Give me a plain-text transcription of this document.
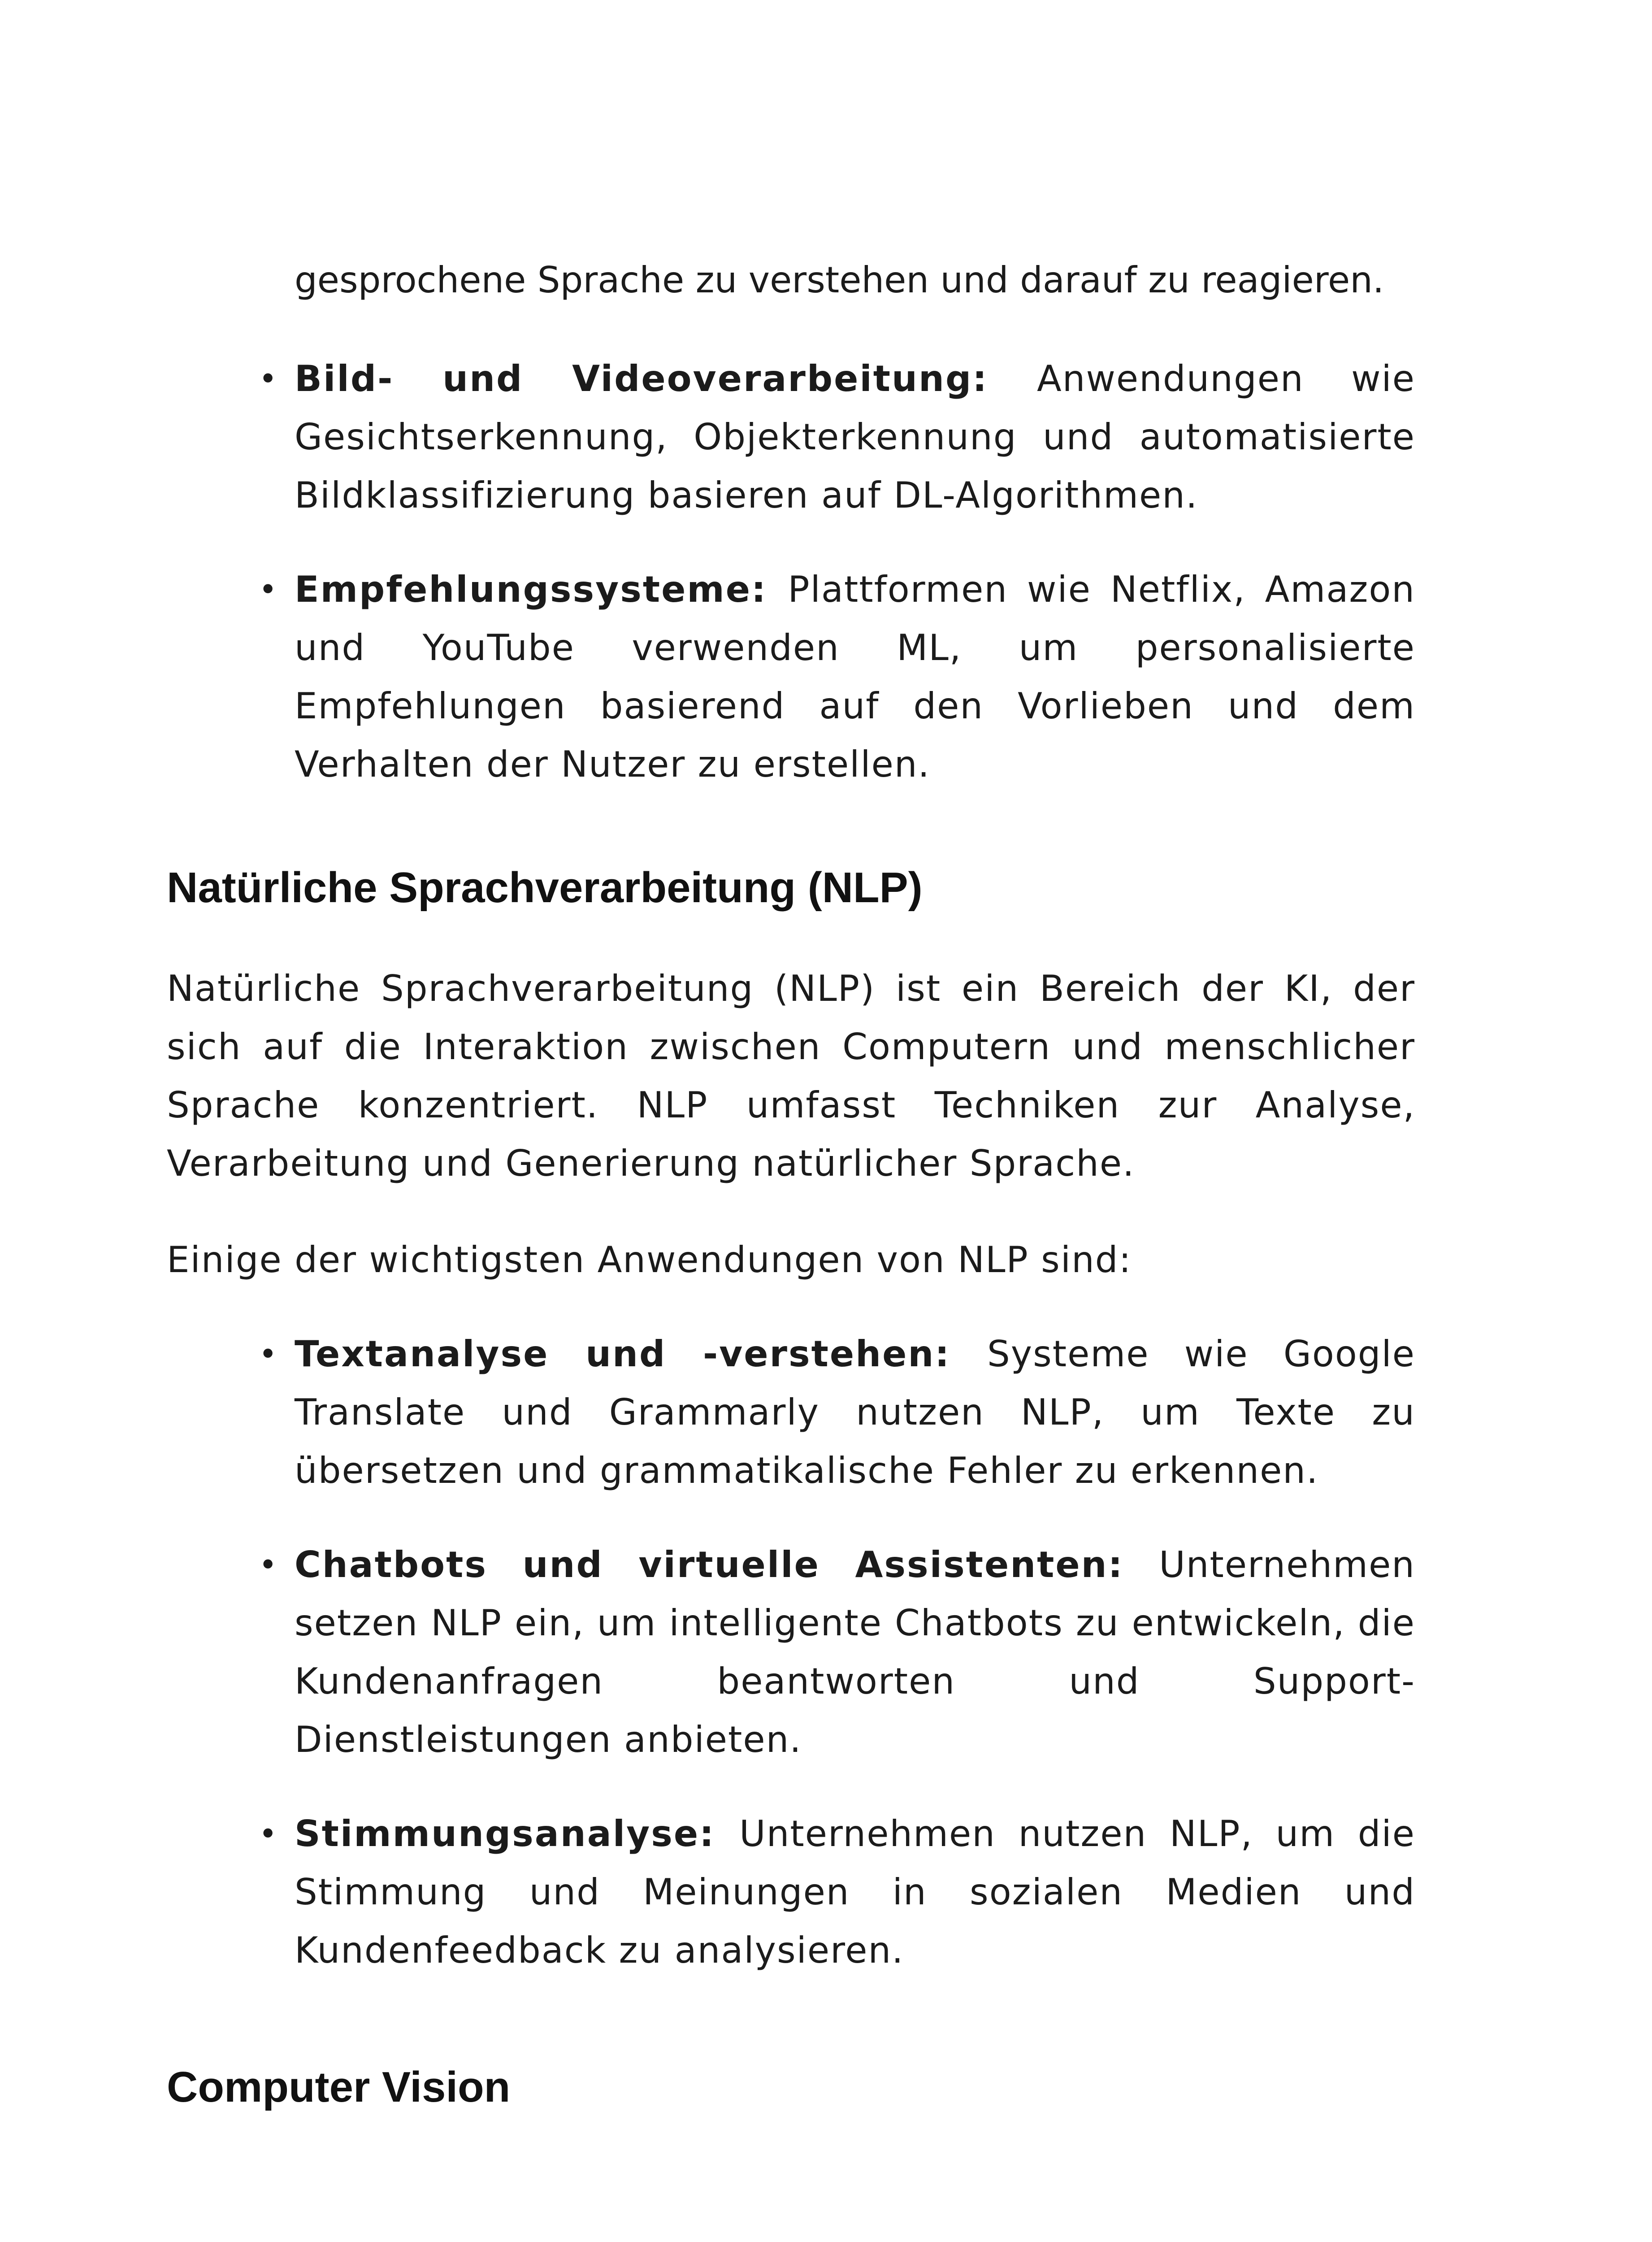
gesprochene Sprache zu verstehen und darauf zu reagieren.
• Bild- und Videoverarbeitung: Anwendungen wie Gesichtserkennung, Objekterkennung und automatisierte Bildklassifizierung basieren auf DL-Algorithmen.
• Empfehlungssysteme: Plattformen wie Netflix, Amazon und YouTube verwenden ML, um personalisierte Empfehlungen basierend auf den Vorlieben und dem Verhalten der Nutzer zu erstellen.
Natürliche Sprachverarbeitung (NLP)

Natürliche Sprachverarbeitung (NLP) ist ein Bereich der KI, der sich auf die Interaktion zwischen Computern und menschlicher Sprache konzentriert. NLP umfasst Techniken zur Analyse, Verarbeitung und Generierung natürlicher Sprache.

Einige der wichtigsten Anwendungen von NLP sind:

• Textanalyse und -verstehen: Systeme wie Google Translate und Grammarly nutzen NLP, um Texte zu übersetzen und grammatikalische Fehler zu erkennen.
• Chatbots und virtuelle Assistenten: Unternehmen setzen NLP ein, um intelligente Chatbots zu entwickeln, die Kundenanfragen beantworten und Support-Dienstleistungen anbieten.
• Stimmungsanalyse: Unternehmen nutzen NLP, um die Stimmung und Meinungen in sozialen Medien und Kundenfeedback zu analysieren.
Computer Vision
